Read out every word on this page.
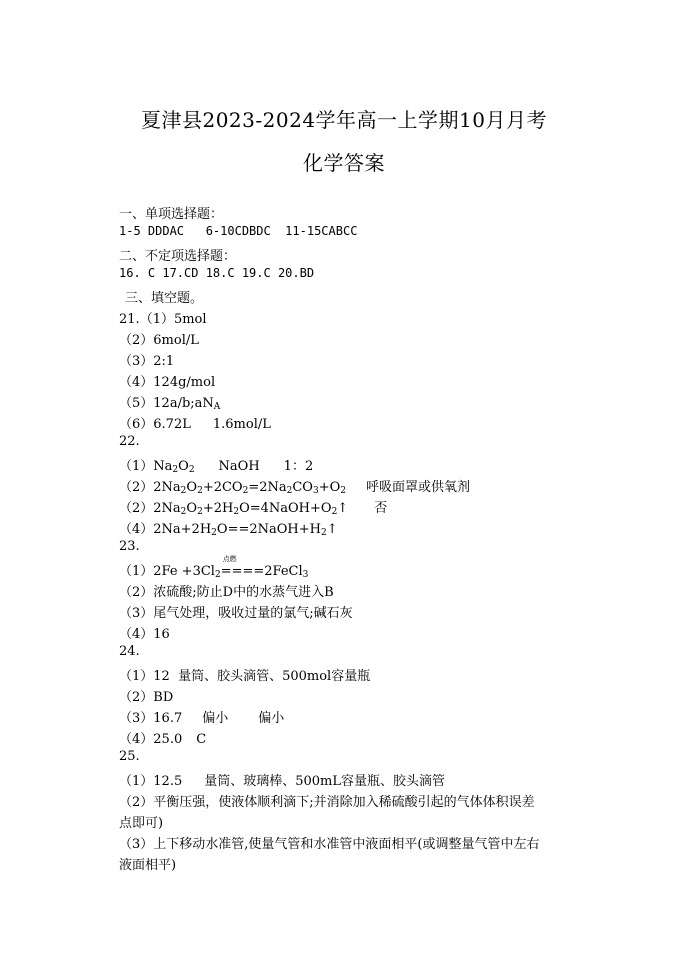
夏津县2023-2024学年高一上学期10月月考
化学答案
一、单项选择题：
1-5 DDDAC   6-10CDBDC  11-15CABCC
二、不定项选择题：
16. C 17.CD 18.C 19.C 20.BD
三、填空题。
21.（1）5mol
（2）6mol/L
（3）2:1
（4）124g/mol
$(5)12a/b;aN_A$
（6）6.72L 1.6mol/L
22.
$(1)Na_2O_2$ NaOH 1：2
$(2)2Na_2O_2+2CO_2=2Na_2CO_3+O_2$ 呼吸面罩或供氧剂
$(2)2Na_2O_2+2H_2O=4NaOH+O_2↑$ 否
$(4)2Na+2H_2O==2NaOH+H_2↑$
23.
$(1)2Fe +3Cl_2$
点燃
====2FeCl$_3$
（2）浓硫酸;防止D中的水蒸气进入B
（3）尾气处理，吸收过量的氯气;碱石灰
（4）16
24.
（1）12  量筒、胶头滴管、500mol容量瓶
（2）BD
（3）16.7 偏小 偏小
（4）25.0 C
25.
（1）12.5 量筒、玻璃棒、500mL容量瓶、胶头滴管
（2）平衡压强，使液体顺利滴下;并消除加入稀硫酸引起的气体体积误差
点即可)
（3）上下移动水准管,使量气管和水准管中液面相平(或调整量气管中左右
液面相平)
